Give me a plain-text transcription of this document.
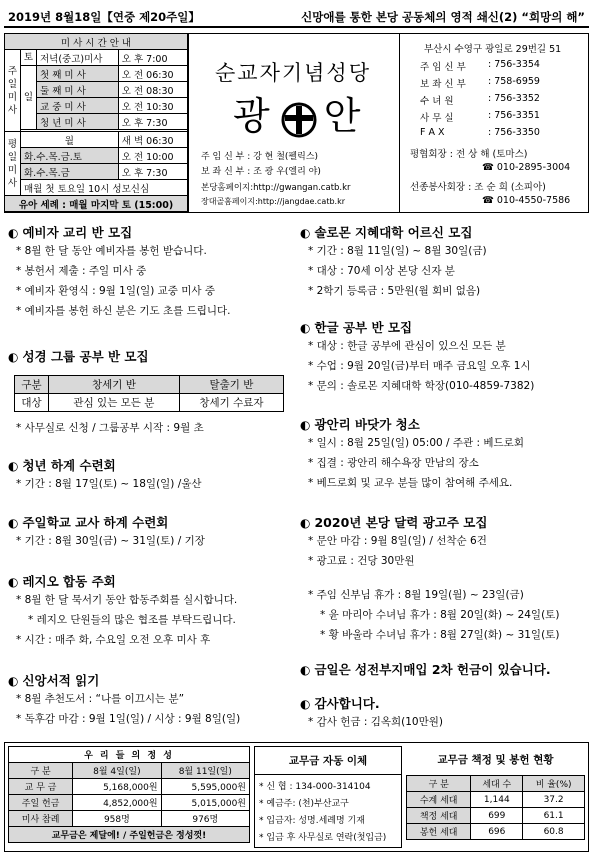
2019년 8월18일【연중 제20주일】	신망애를 통한 본당 공동체의 영적 쇄신(2) “희망의 해”
미 사 시 간 안 내			
주일미사	토	저녁(중고)미사	오 후 7:00
	일	첫 째 미 사	오 전 06:30
		둘 째 미 사	오 전 08:30
		교 중 미 사	오 전 10:30
		청 년 미 사	오 후 7:30

평일미사	월		새 벽 06:30
	화.수.목.금.토		오 전 10:00
	화.수.목.금		오 후 7:30
	매월 첫 토요일 10시 성모신심		
유아 세례 : 매월 마지막 토 (15:00)			
순교자기념성당
광 안
주 임 신 부 : 강 현 철(펠릭스)
보 좌 신 부 : 조 광 우(엘리 야)
본당홈페이지:http://gwangan.catb.kr
장대골홈페이지:http://jangdae.catb.kr
부산시 수영구 광일로 29번길 51
주 임 신 부 : 756-3354
보 좌 신 부 : 758-6959
수 녀 원	: 756-3352
사 무 실	: 756-3351
F A X	: 756-3350
평협회장 : 전 상 해 (토마스)
☎ 010-2895-3004
선종봉사회장 : 조 순 희 (소피아)
☎ 010-4550-7586
◐ 예비자 교리 반 모집
* 8월 한 달 동안 예비자를 봉헌 받습니다.
* 봉헌서 제출 : 주일 미사 중
* 예비자 환영식 : 9월 1일(일) 교중 미사 중
* 예비자를 봉헌 하신 분은 기도 초를 드립니다.
◐ 성경 그룹 공부 반 모집
구분	창세기 반	탈출기 반
대상	관심 있는 모든 분	창세기 수료자
* 사무실로 신청 / 그룹공부 시작 : 9월 초
◐ 청년 하계 수련회
* 기간 : 8월 17일(토) ~ 18일(일) /울산
◐ 주일학교 교사 하계 수련회
* 기간 : 8월 30일(금) ~ 31일(토) / 기장
◐ 레지오 합동 주회
* 8월 한 달 묵서기 동안 합동주회를 실시합니다.
* 레지오 단원들의 많은 협조를 부탁드립니다.
* 시간 : 매주 화, 수요일 오전 오후 미사 후
◐ 신앙서적 읽기
* 8월 추천도서 : “나를 이끄시는 분”
* 독후감 마감 : 9월 1일(일) / 시상 : 9월 8일(일)
◐ 솔로몬 지혜대학 어르신 모집
* 기간 : 8월 11일(일) ~ 8월 30일(금)
* 대상 : 70세 이상 본당 신자 분
* 2학기 등록금 : 5만원(월 회비 없음)
◐ 한글 공부 반 모집
* 대상 : 한글 공부에 관심이 있으신 모든 분
* 수업 : 9월 20일(금)부터 매주 금요일 오후 1시
* 문의 : 솔로몬 지혜대학 학장(010-4859-7382)
◐ 광안리 바닷가 청소
* 일시 : 8월 25일(일) 05:00 / 주관 : 베드로회
* 집결 : 광안리 해수욕장 만남의 장소
* 베드로회 및 교우 분들 많이 참여해 주세요.
◐ 2020년 본당 달력 광고주 모집
* 문안 마감 : 9월 8일(일) / 선착순 6건
* 광고료 : 건당 30만원
* 주임 신부님 휴가 : 8월 19일(월) ~ 23일(금)
* 윤 마리아 수녀님 휴가 : 8월 20일(화) ~ 24일(토)
* 황 바울라 수녀님 휴가 : 8월 27일(화) ~ 31일(토)
◐ 금일은 성전부지매입 2차 헌금이 있습니다.
◐ 감사합니다.
* 감사 헌금 : 김옥희(10만원)
우 리 들 의 정 성		
구 분	8월 4일(일)	8월 11일(일)
교 무 금	5,168,000원	5,595,000원
주일 헌금	4,852,000원	5,015,000원
미사 참례	958명	976명
교무금은 제달에! / 주일헌금은 정성껏!		
교무금 자동 이체
* 신 협 : 134-000-314104
* 예금주: (천)부산교구
* 입금자: 성명.세례명 기재
* 입금 후 사무실로 연락(첫입금)
교무금 책정 및 봉헌 현황
구 분	세대 수	비 율(%)
수계 세대	1,144	37.2
책정 세대	699	61.1
봉헌 세대	696	60.8
